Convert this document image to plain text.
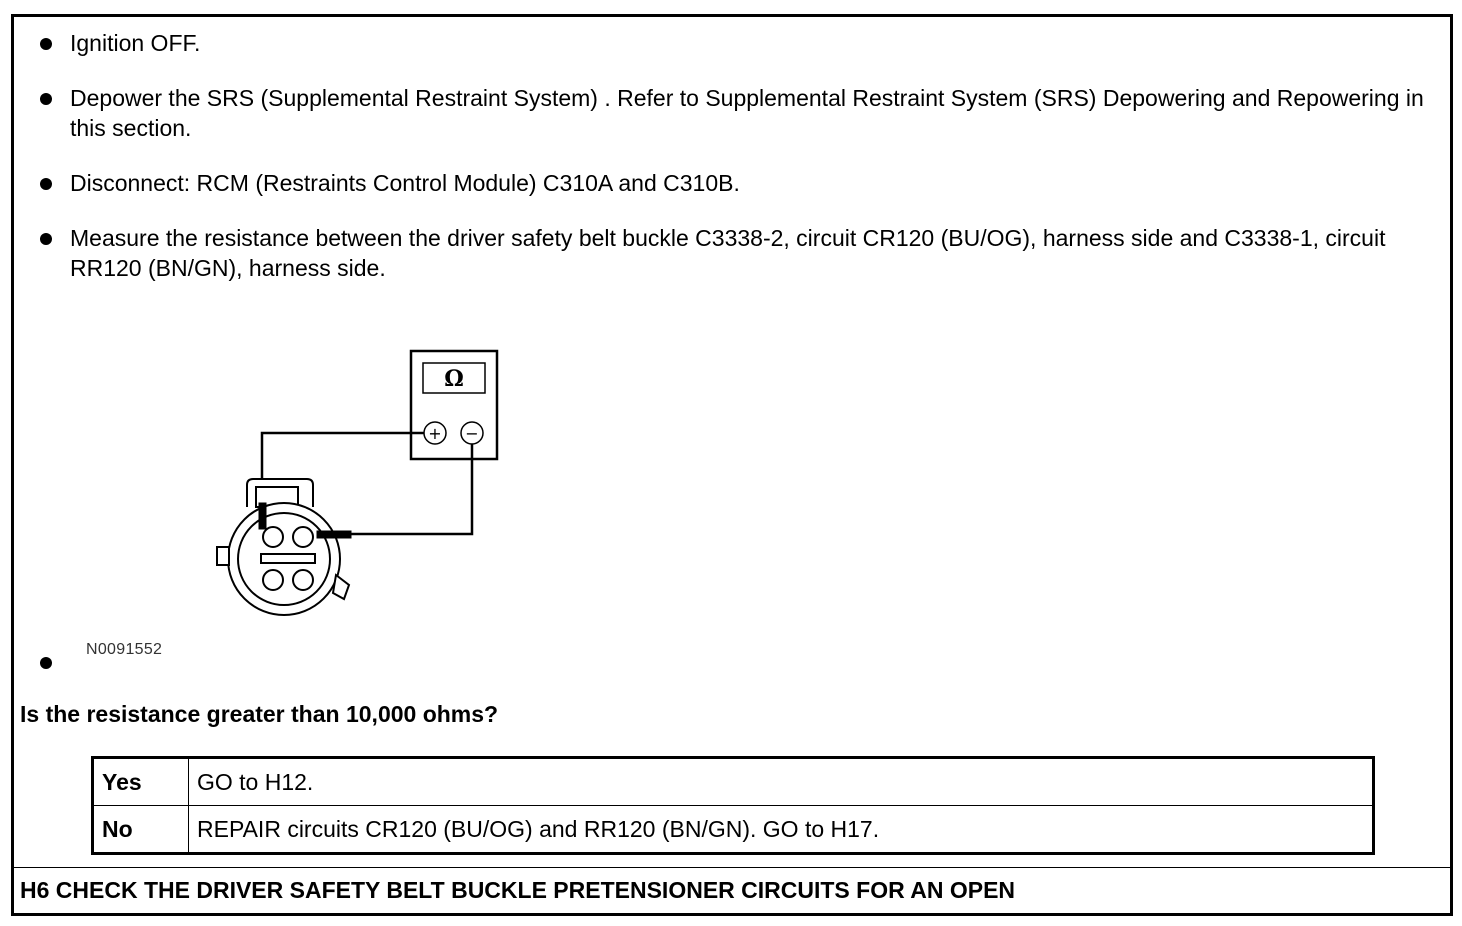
Ignition OFF.
Depower the SRS (Supplemental Restraint System) . Refer to Supplemental Restraint System (SRS) Depowering and Repowering in this section.
Disconnect: RCM (Restraints Control Module) C310A and C310B.
Measure the resistance between the driver safety belt buckle C3338-2, circuit CR120 (BU/OG), harness side and C3338-1, circuit RR120 (BN/GN), harness side.
Ω
+ −
N0091552
Is the resistance greater than 10,000 ohms?
Yes	GO to H12.
No	REPAIR circuits CR120 (BU/OG) and RR120 (BN/GN). GO to H17.
H6 CHECK THE DRIVER SAFETY BELT BUCKLE PRETENSIONER CIRCUITS FOR AN OPEN
